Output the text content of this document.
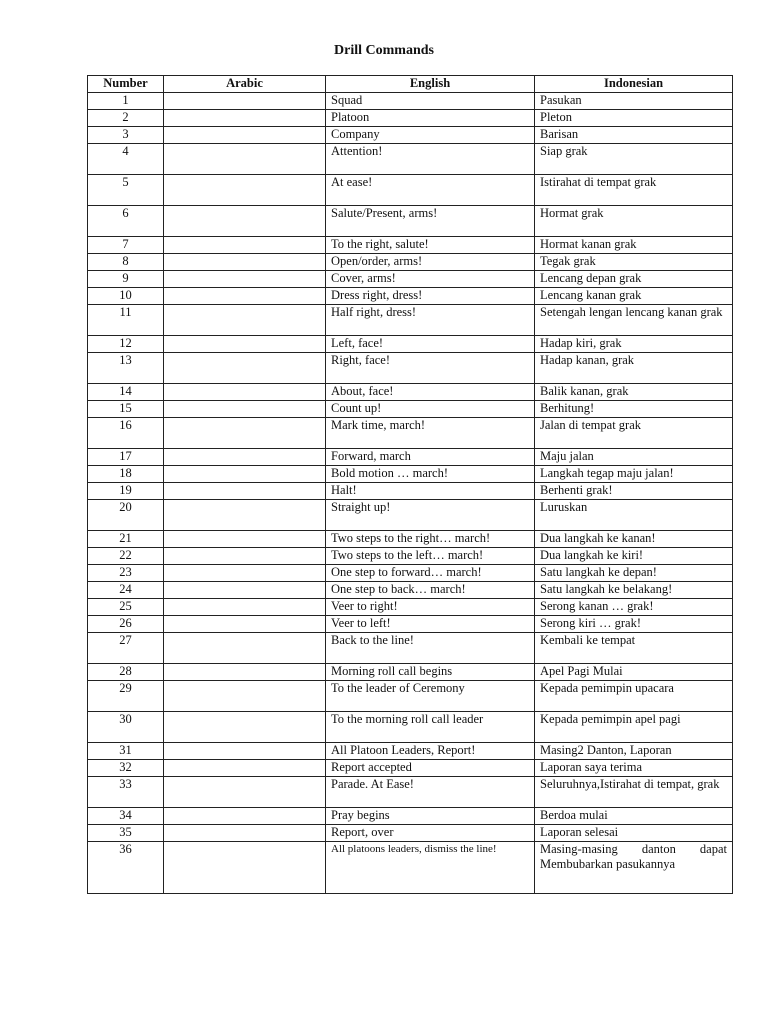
Drill Commands
Number	Arabic	English	Indonesian
1		Squad	Pasukan
2		Platoon	Pleton
3		Company	Barisan
4		Attention!	Siap grak
5		At ease!	Istirahat di tempat grak
6		Salute/Present, arms!	Hormat grak
7		To the right, salute!	Hormat kanan grak
8		Open/order, arms!	Tegak grak
9		Cover, arms!	Lencang depan grak
10		Dress right, dress!	Lencang kanan grak
11		Half right, dress!	Setengah lengan lencang kanan grak
12		Left, face!	Hadap kiri, grak
13		Right, face!	Hadap kanan, grak
14		About, face!	Balik kanan, grak
15		Count up!	Berhitung!
16		Mark time, march!	Jalan di tempat grak
17		Forward, march	Maju jalan
18		Bold motion … march!	Langkah tegap maju jalan!
19		Halt!	Berhenti grak!
20		Straight up!	Luruskan
21		Two steps to the right… march!	Dua langkah ke kanan!
22		Two steps to the left… march!	Dua langkah ke kiri!
23		One step to forward… march!	Satu langkah ke depan!
24		One step to back… march!	Satu langkah ke belakang!
25		Veer to right!	Serong kanan … grak!
26		Veer to left!	Serong kiri … grak!
27		Back to the line!	Kembali ke tempat
28		Morning roll call begins	Apel Pagi Mulai
29		To the leader of Ceremony	Kepada pemimpin upacara
30		To the morning roll call leader	Kepada pemimpin apel pagi
31		All Platoon Leaders, Report!	Masing2 Danton, Laporan
32		Report accepted	Laporan saya terima
33		Parade. At Ease!	Seluruhnya,Istirahat di tempat, grak
34		Pray begins	Berdoa mulai
35		Report, over	Laporan selesai
36		All platoons leaders, dismiss the line!	Masing-masing danton dapat Membubarkan pasukannya
